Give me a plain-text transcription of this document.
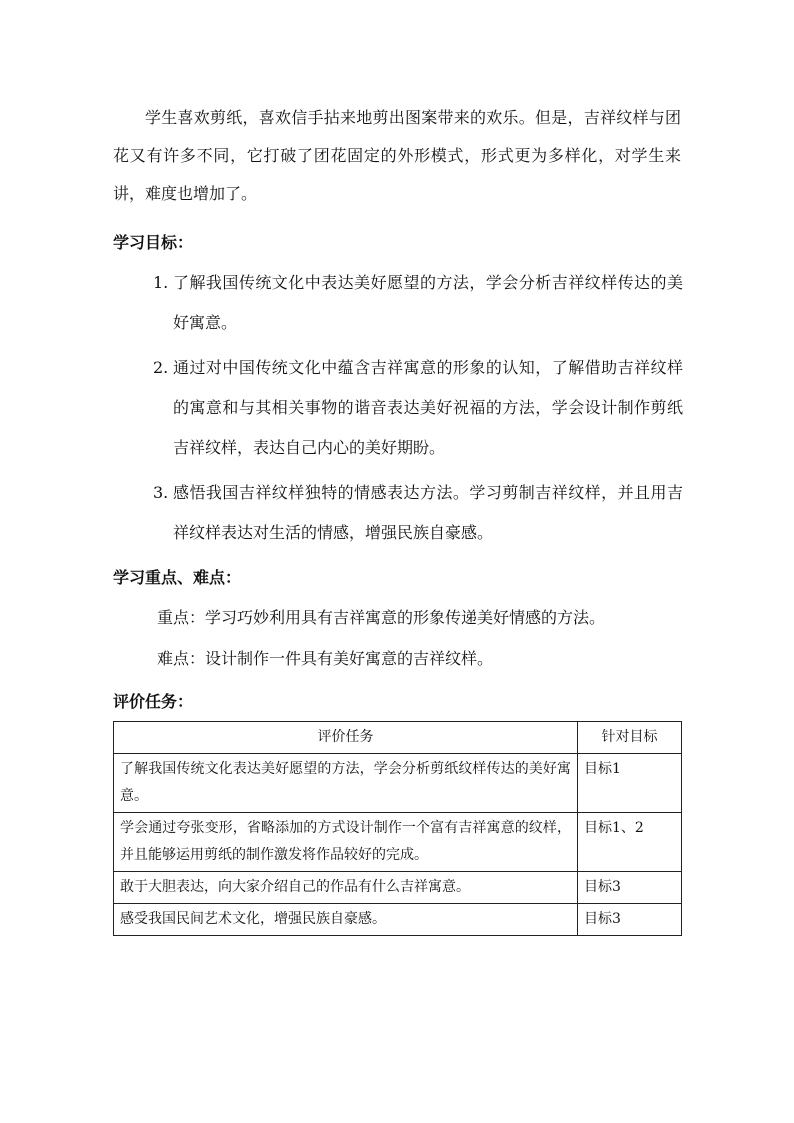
学生喜欢剪纸，喜欢信手拈来地剪出图案带来的欢乐。但是，吉祥纹样与团花又有许多不同，它打破了团花固定的外形模式，形式更为多样化，对学生来讲，难度也增加了。

学习目标：
1. 了解我国传统文化中表达美好愿望的方法，学会分析吉祥纹样传达的美好寓意。
2. 通过对中国传统文化中蕴含吉祥寓意的形象的认知，了解借助吉祥纹样的寓意和与其相关事物的谐音表达美好祝福的方法，学会设计制作剪纸吉祥纹样，表达自己内心的美好期盼。
3. 感悟我国吉祥纹样独特的情感表达方法。学习剪制吉祥纹样，并且用吉祥纹样表达对生活的情感，增强民族自豪感。
学习重点、难点：

重点：学习巧妙利用具有吉祥寓意的形象传递美好情感的方法。

难点：设计制作一件具有美好寓意的吉祥纹样。

评价任务：
评价任务	针对目标
了解我国传统文化表达美好愿望的方法，学会分析剪纸纹样传达的美好寓意。	目标1
学会通过夸张变形，省略添加的方式设计制作一个富有吉祥寓意的纹样，并且能够运用剪纸的制作激发将作品较好的完成。	目标1、2
敢于大胆表达，向大家介绍自己的作品有什么吉祥寓意。	目标3
感受我国民间艺术文化，增强民族自豪感。	目标3
